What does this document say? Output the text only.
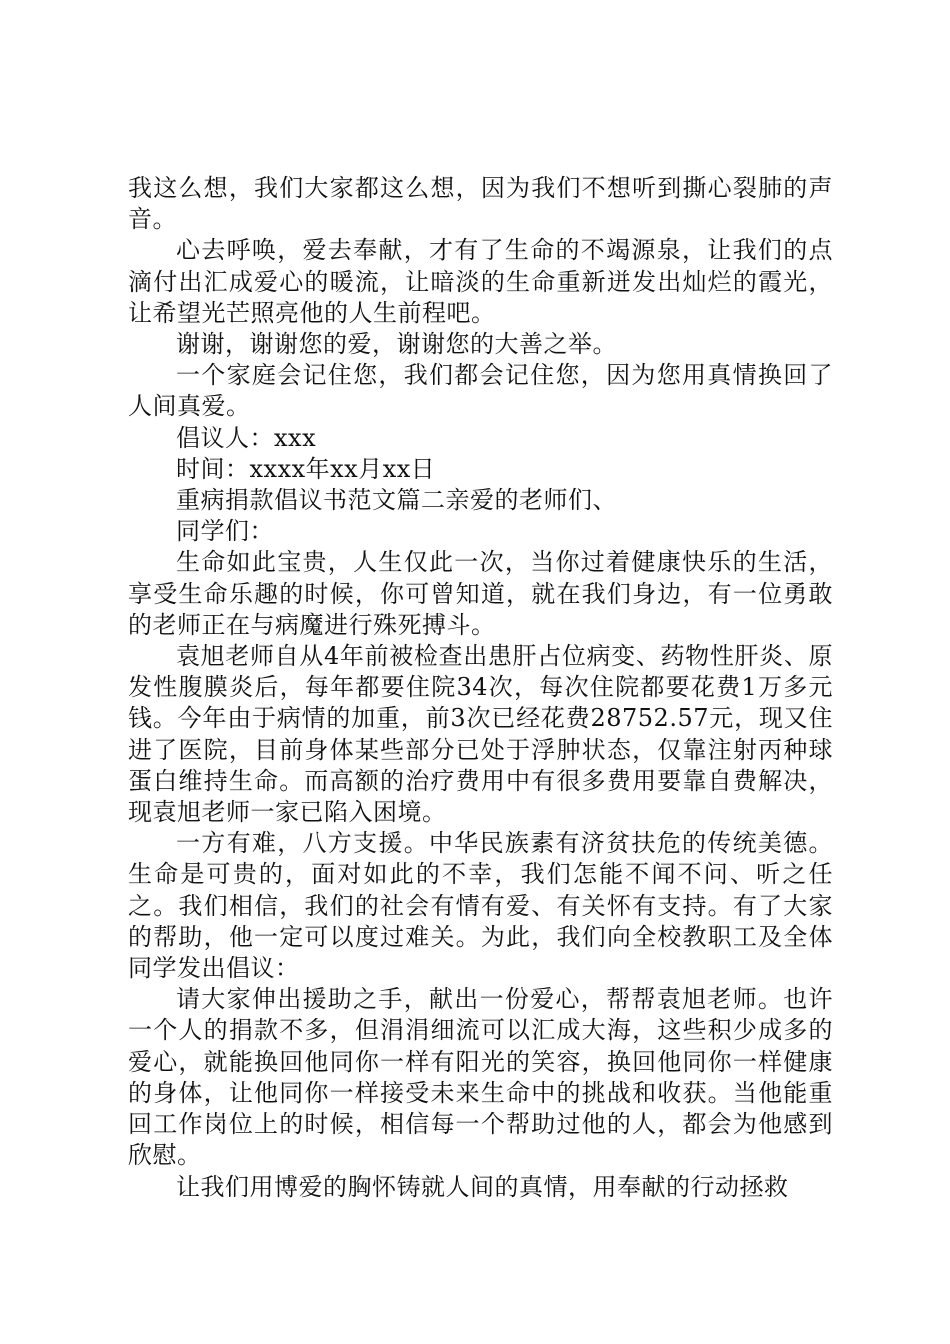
我这么想，我们大家都这么想，因为我们不想听到撕心裂肺的声音。

心去呼唤，爱去奉献，才有了生命的不竭源泉，让我们的点滴付出汇成爱心的暖流，让暗淡的生命重新迸发出灿烂的霞光，让希望光芒照亮他的人生前程吧。

谢谢，谢谢您的爱，谢谢您的大善之举。

一个家庭会记住您，我们都会记住您，因为您用真情换回了人间真爱。

倡议人：xxx

时间：xxxx年xx月xx日

重病捐款倡议书范文篇二亲爱的老师们、

同学们：

生命如此宝贵，人生仅此一次，当你过着健康快乐的生活，享受生命乐趣的时候，你可曾知道，就在我们身边，有一位勇敢的老师正在与病魔进行殊死搏斗。

袁旭老师自从4年前被检查出患肝占位病变、药物性肝炎、原发性腹膜炎后，每年都要住院34次，每次住院都要花费1万多元钱。今年由于病情的加重，前3次已经花费28752.57元，现又住进了医院，目前身体某些部分已处于浮肿状态，仅靠注射丙种球蛋白维持生命。而高额的治疗费用中有很多费用要靠自费解决，现袁旭老师一家已陷入困境。

一方有难，八方支援。中华民族素有济贫扶危的传统美德。生命是可贵的，面对如此的不幸，我们怎能不闻不问、听之任之。我们相信，我们的社会有情有爱、有关怀有支持。有了大家的帮助，他一定可以度过难关。为此，我们向全校教职工及全体同学发出倡议：

请大家伸出援助之手，献出一份爱心，帮帮袁旭老师。也许一个人的捐款不多，但涓涓细流可以汇成大海，这些积少成多的爱心，就能换回他同你一样有阳光的笑容，换回他同你一样健康的身体，让他同你一样接受未来生命中的挑战和收获。当他能重回工作岗位上的时候，相信每一个帮助过他的人，都会为他感到欣慰。

让我们用博爱的胸怀铸就人间的真情，用奉献的行动拯救
